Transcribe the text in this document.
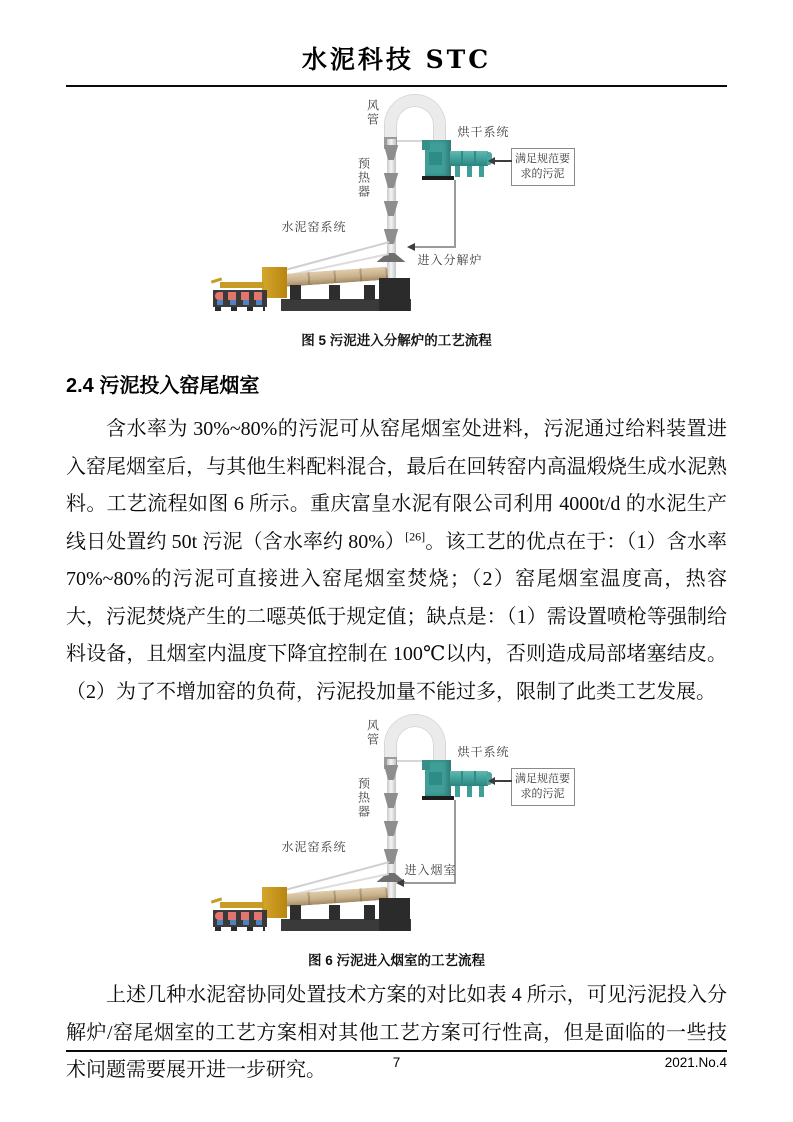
水泥科技 STC
风管
预热器
烘干系统
水泥窑系统
满足规范要
求的污泥
进入分解炉
图 5 污泥进入分解炉的工艺流程
2.4 污泥投入窑尾烟室

含水率为 30%~80%的污泥可从窑尾烟室处进料，污泥通过给料装置进入窑尾烟室后，与其他生料配料混合，最后在回转窑内高温煅烧生成水泥熟料。工艺流程如图 6 所示。重庆富皇水泥有限公司利用 4000t/d 的水泥生产线日处置约 50t 污泥（含水率约 80%）[26]。该工艺的优点在于：（1）含水率 70%~80%的污泥可直接进入窑尾烟室焚烧；（2）窑尾烟室温度高，热容大，污泥焚烧产生的二噁英低于规定值；缺点是：（1）需设置喷枪等强制给料设备，且烟室内温度下降宜控制在 100℃以内，否则造成局部堵塞结皮。（2）为了不增加窑的负荷，污泥投加量不能过多，限制了此类工艺发展。

风管
预热器
烘干系统
水泥窑系统
满足规范要
求的污泥
进入烟室
图 6 污泥进入烟室的工艺流程

上述几种水泥窑协同处置技术方案的对比如表 4 所示，可见污泥投入分解炉/窑尾烟室的工艺方案相对其他工艺方案可行性高，但是面临的一些技术问题需要展开进一步研究。	7	2021.No.4
